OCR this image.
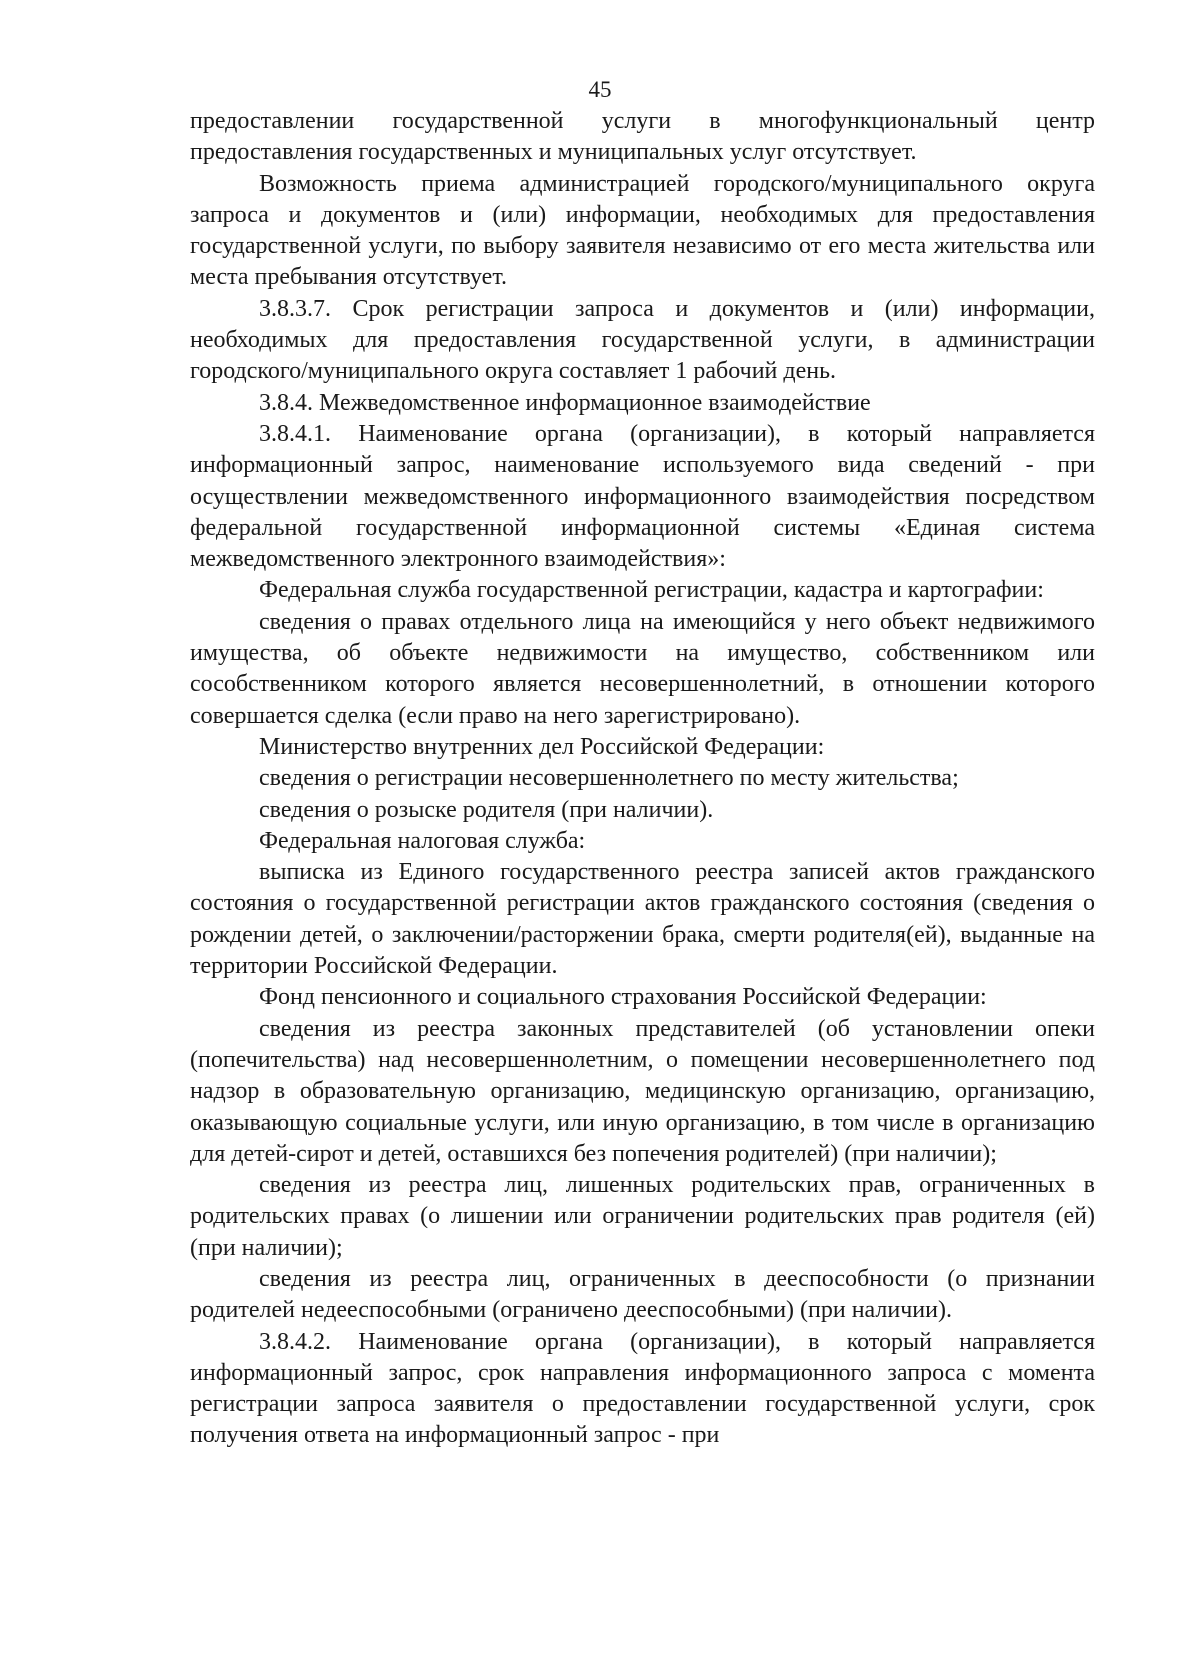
45

предоставлении государственной услуги в многофункциональный центр предоставления государственных и муниципальных услуг отсутствует.

Возможность приема администрацией городского/муниципального округа запроса и документов и (или) информации, необходимых для предоставления государственной услуги, по выбору заявителя независимо от его места жительства или места пребывания отсутствует.

3.8.3.7. Срок регистрации запроса и документов и (или) информации, необходимых для предоставления государственной услуги, в администрации городского/муниципального округа составляет 1 рабочий день.

3.8.4. Межведомственное информационное взаимодействие

3.8.4.1. Наименование органа (организации), в который направляется информационный запрос, наименование используемого вида сведений - при осуществлении межведомственного информационного взаимодействия посредством федеральной государственной информационной системы «Единая система межведомственного электронного взаимодействия»:

Федеральная служба государственной регистрации, кадастра и картографии:

сведения о правах отдельного лица на имеющийся у него объект недвижимого имущества, об объекте недвижимости на имущество, собственником или сособственником которого является несовершеннолетний, в отношении которого совершается сделка (если право на него зарегистрировано).

Министерство внутренних дел Российской Федерации:

сведения о регистрации несовершеннолетнего по месту жительства;

сведения о розыске родителя (при наличии).

Федеральная налоговая служба:

выписка из Единого государственного реестра записей актов гражданского состояния о государственной регистрации актов гражданского состояния (сведения о рождении детей, о заключении/расторжении брака, смерти родителя(ей), выданные на территории Российской Федерации.

Фонд пенсионного и социального страхования Российской Федерации:

сведения из реестра законных представителей (об установлении опеки (попечительства) над несовершеннолетним, о помещении несовершеннолетнего под надзор в образовательную организацию, медицинскую организацию, организацию, оказывающую социальные услуги, или иную организацию, в том числе в организацию для детей-сирот и детей, оставшихся без попечения родителей) (при наличии);

сведения из реестра лиц, лишенных родительских прав, ограниченных в родительских правах (о лишении или ограничении родительских прав родителя (ей) (при наличии);

сведения из реестра лиц, ограниченных в дееспособности (о признании родителей недееспособными (ограничено дееспособными) (при наличии).

3.8.4.2. Наименование органа (организации), в который направляется информационный запрос, срок направления информационного запроса с момента регистрации запроса заявителя о предоставлении государственной услуги, срок получения ответа на информационный запрос - при
